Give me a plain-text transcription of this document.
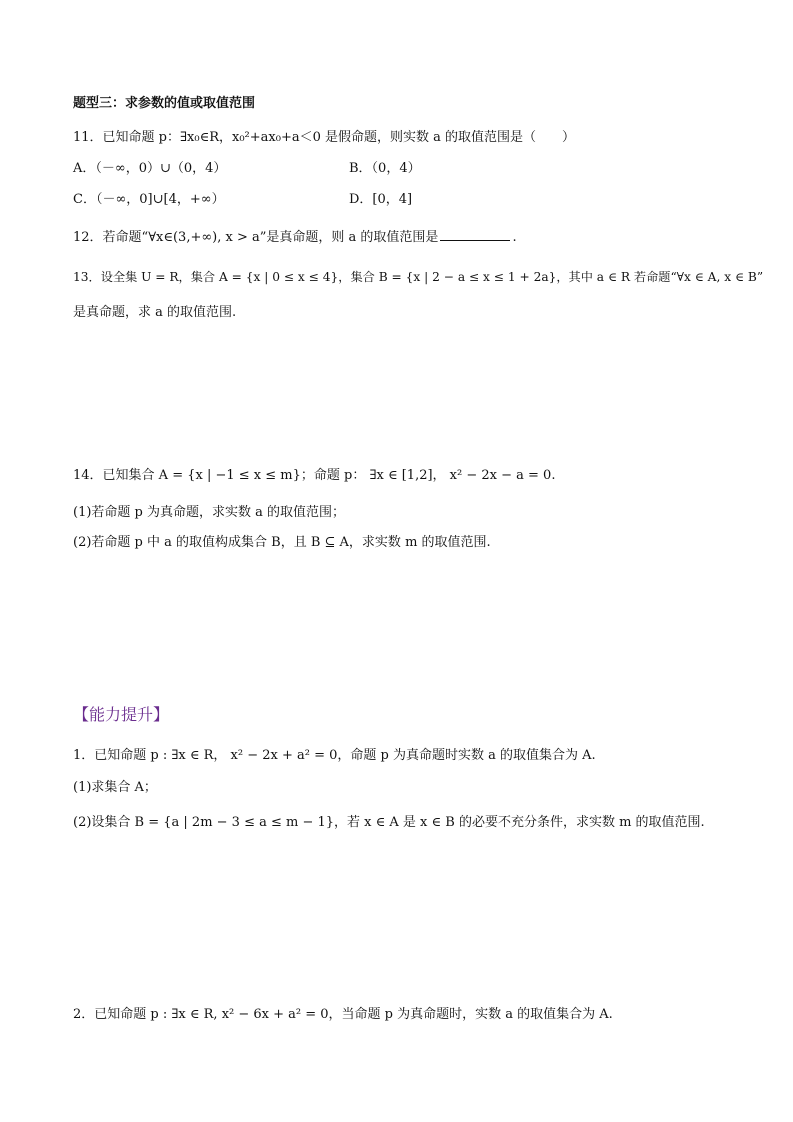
题型三：求参数的值或取值范围
11．已知命题 p：∃x₀∈R，x₀²+ax₀+a＜0 是假命题，则实数 a 的取值范围是（　　）
A．（－∞，0）∪（0，4）	B．（0，4）
C．（－∞，0]∪[4，+∞）	D．[0，4]
12．若命题“∀x∈(3,+∞), x > a”是真命题，则 a 的取值范围是	.
13．设全集 U = R，集合 A = {x | 0 ≤ x ≤ 4}，集合 B = {x | 2 − a ≤ x ≤ 1 + 2a}，其中 a ∈ R 若命题“∀x ∈ A, x ∈ B”
是真命题，求 a 的取值范围.
14．已知集合 A = {x | −1 ≤ x ≤ m}；命题 p： ∃x ∈ [1,2]， x² − 2x − a = 0.
(1)若命题 p 为真命题，求实数 a 的取值范围；
(2)若命题 p 中 a 的取值构成集合 B，且 B ⊆ A，求实数 m 的取值范围.
【能力提升】
1．已知命题 p : ∃x ∈ R， x² − 2x + a² = 0，命题 p 为真命题时实数 a 的取值集合为 A.
(1)求集合 A；
(2)设集合 B = {a | 2m − 3 ≤ a ≤ m − 1}，若 x ∈ A 是 x ∈ B 的必要不充分条件，求实数 m 的取值范围.
2．已知命题 p : ∃x ∈ R, x² − 6x + a² = 0，当命题 p 为真命题时，实数 a 的取值集合为 A.
